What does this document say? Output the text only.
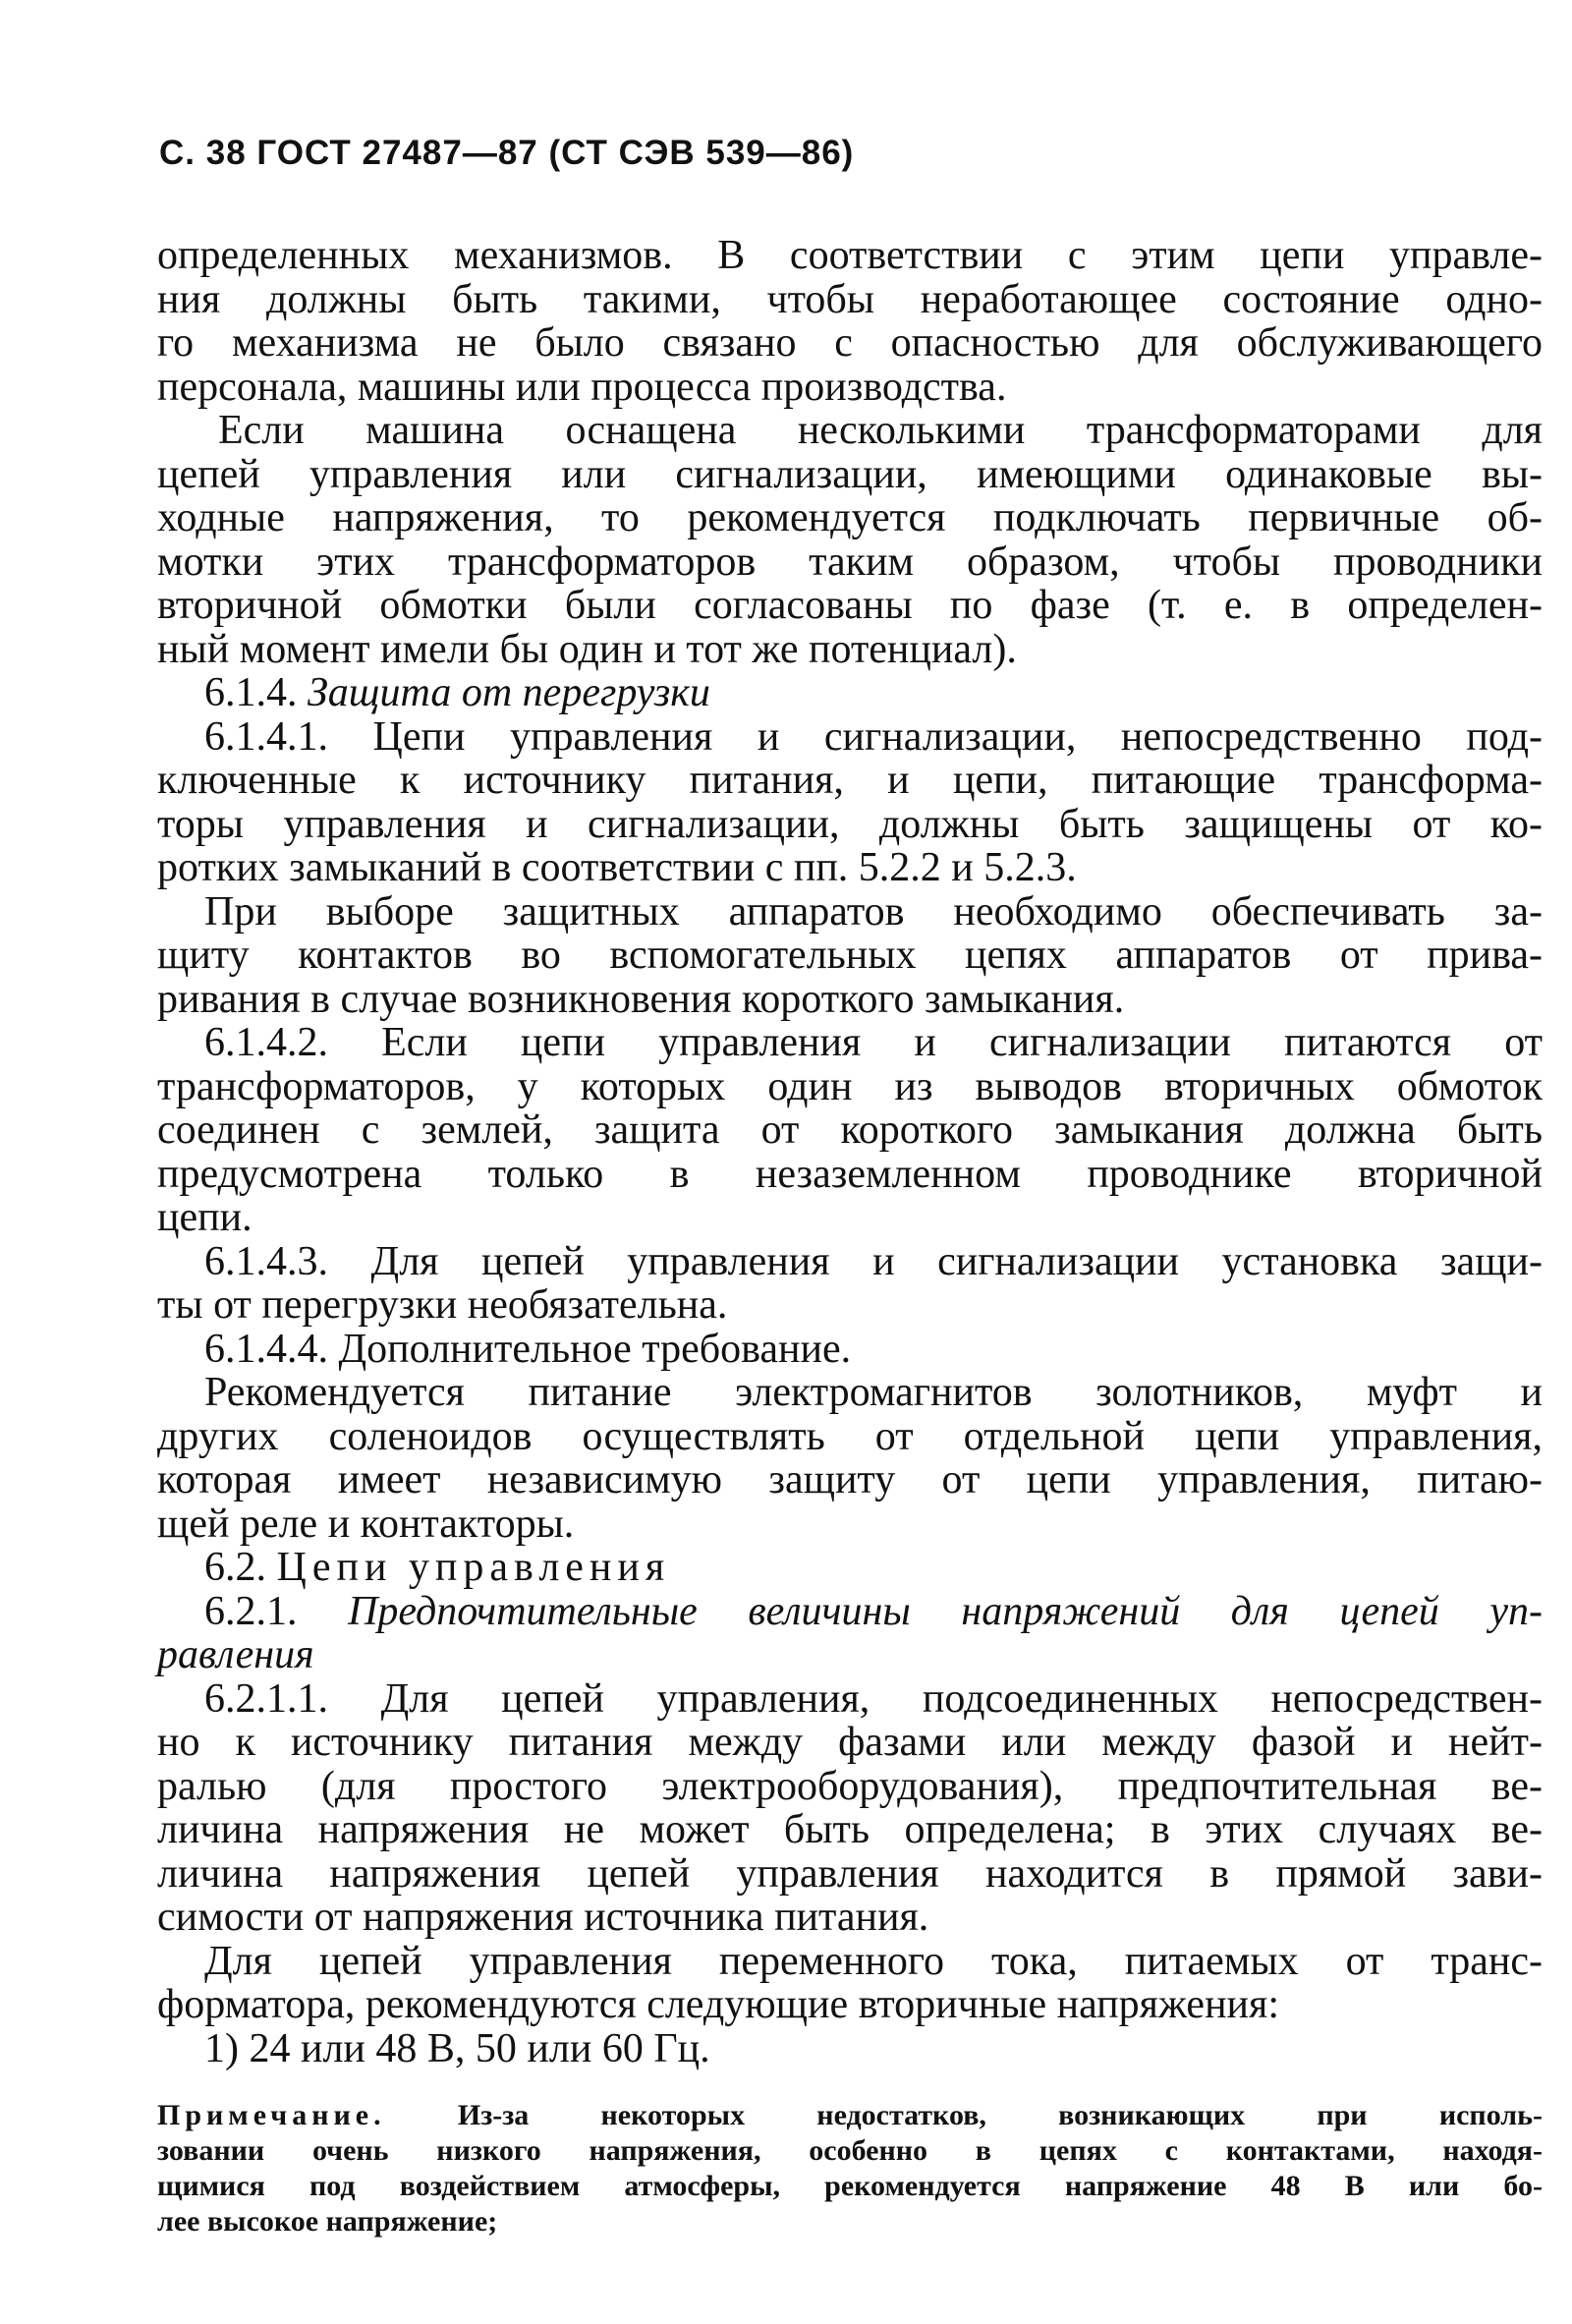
С. 38 ГОСТ 27487—87 (СТ СЭВ 539—86)
определенных механизмов. В соответствии с этим цепи управле-
ния должны быть такими, чтобы неработающее состояние одно-
го механизма не было связано с опасностью для обслуживающего
персонала, машины или процесса производства.
Если машина оснащена несколькими трансформаторами для
цепей управления или сигнализации, имеющими одинаковые вы-
ходные напряжения, то рекомендуется подключать первичные об-
мотки этих трансформаторов таким образом, чтобы проводники
вторичной обмотки были согласованы по фазе (т. е. в определен-
ный момент имели бы один и тот же потенциал).
6.1.4. Защита от перегрузки
6.1.4.1. Цепи управления и сигнализации, непосредственно под-
ключенные к источнику питания, и цепи, питающие трансформа-
торы управления и сигнализации, должны быть защищены от ко-
ротких замыканий в соответствии с пп. 5.2.2 и 5.2.3.
При выборе защитных аппаратов необходимо обеспечивать за-
щиту контактов во вспомогательных цепях аппаратов от прива-
ривания в случае возникновения короткого замыкания.
6.1.4.2. Если цепи управления и сигнализации питаются от
трансформаторов, у которых один из выводов вторичных обмоток
соединен с землей, защита от короткого замыкания должна быть
предусмотрена только в незаземленном проводнике вторичной
цепи.
6.1.4.3. Для цепей управления и сигнализации установка защи-
ты от перегрузки необязательна.
6.1.4.4. Дополнительное требование.
Рекомендуется питание электромагнитов золотников, муфт и
других соленоидов осуществлять от отдельной цепи управления,
которая имеет независимую защиту от цепи управления, питаю-
щей реле и контакторы.
6.2. Цепи управления
6.2.1. Предпочтительные величины напряжений для цепей уп-
равления
6.2.1.1. Для цепей управления, подсоединенных непосредствен-
но к источнику питания между фазами или между фазой и нейт-
ралью (для простого электрооборудования), предпочтительная ве-
личина напряжения не может быть определена; в этих случаях ве-
личина напряжения цепей управления находится в прямой зави-
симости от напряжения источника питания.
Для цепей управления переменного тока, питаемых от транс-
форматора, рекомендуются следующие вторичные напряжения:
1) 24 или 48 В, 50 или 60 Гц.
Примечание. Из-за некоторых недостатков, возникающих при исполь-
зовании очень низкого напряжения, особенно в цепях с контактами, находя-
щимися под воздействием атмосферы, рекомендуется напряжение 48 В или бо-
лее высокое напряжение;
